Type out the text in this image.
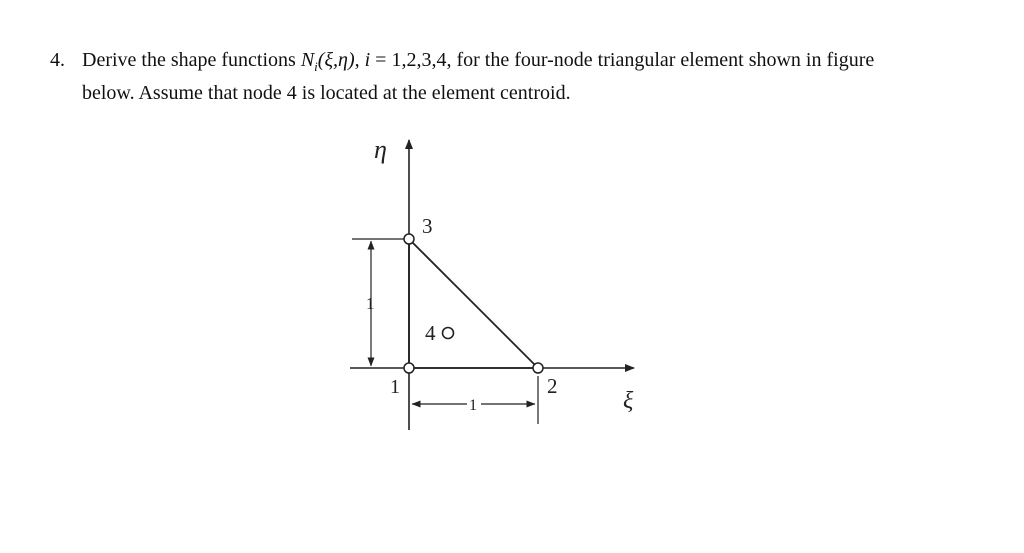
4. Derive the shape functions $N_i(\xi,\eta)$, i = 1,2,3,4, for the four-node triangular element shown in figure
below. Assume that node 4 is located at the element centroid.
1
1
3
4
1	2
η
ξ
